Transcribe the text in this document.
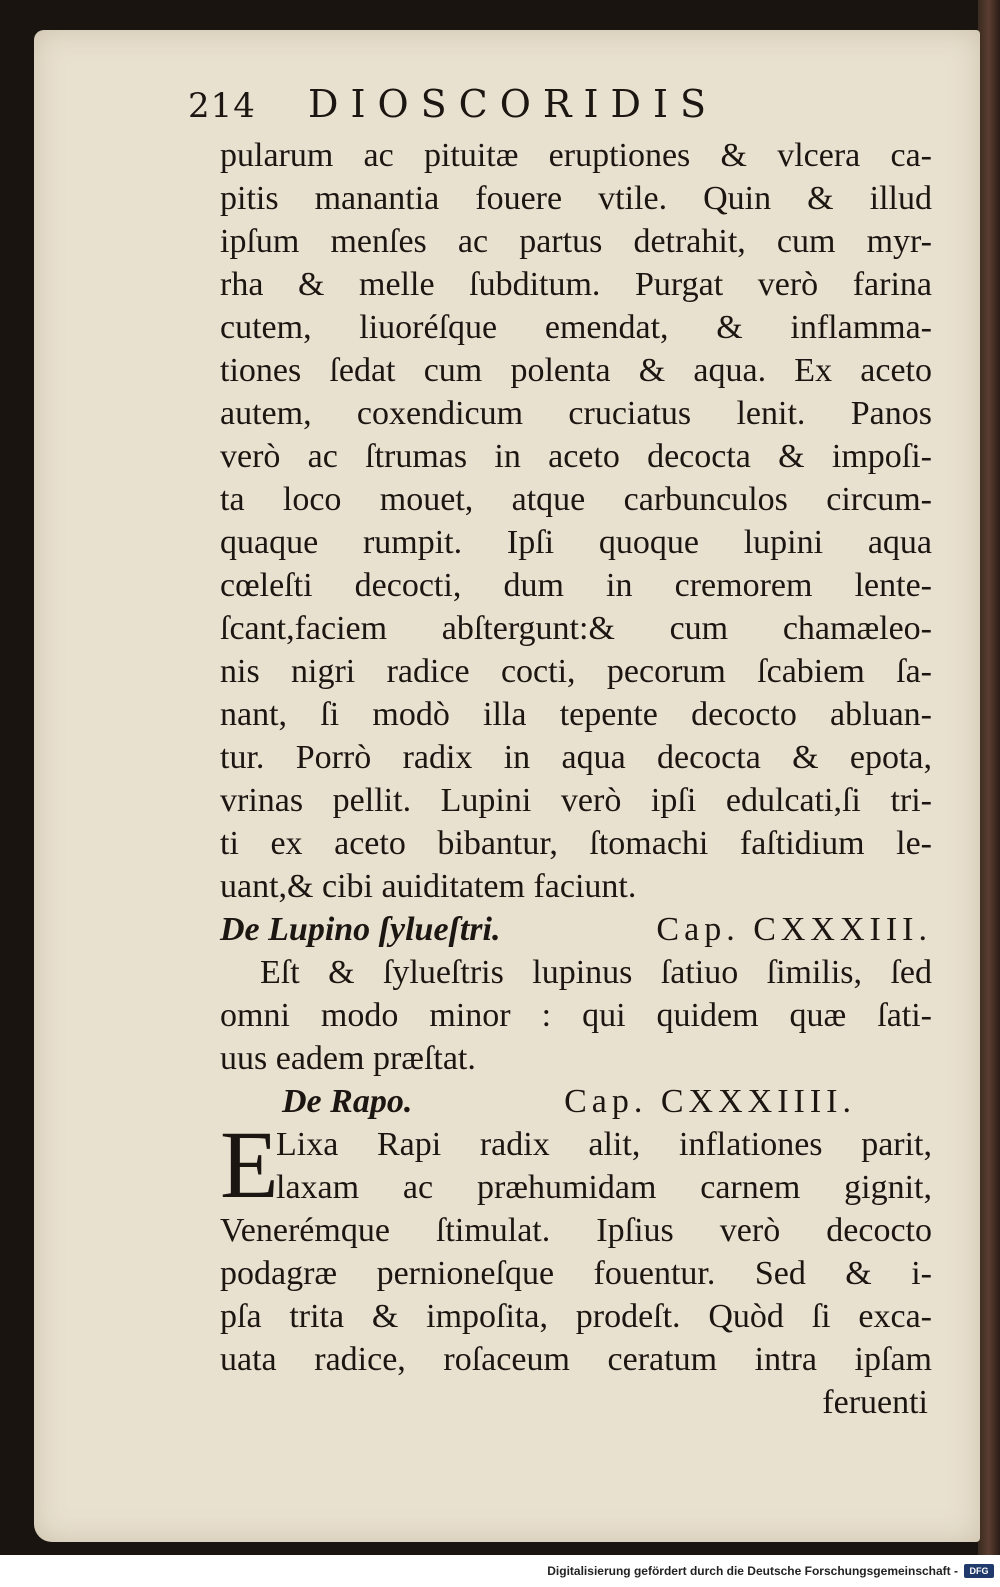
214	DIOSCORIDIS
pularum ac pituitæ eruptiones & vlcera ca-
pitis manantia fouere vtile. Quin & illud
ipſum menſes ac partus detrahit, cum myr-
rha & melle ſubditum. Purgat verò farina
cutem, liuoréſque emendat, & inflamma-
tiones ſedat cum polenta & aqua. Ex aceto
autem, coxendicum cruciatus lenit. Panos
verò ac ſtrumas in aceto decocta & impoſi-
ta loco mouet, atque carbunculos circum-
quaque rumpit. Ipſi quoque lupini aqua
cœleſti decocti, dum in cremorem lente-
ſcant,faciem abſtergunt:& cum chamæleo-
nis nigri radice cocti, pecorum ſcabiem ſa-
nant, ſi modò illa tepente decocto abluan-
tur. Porrò radix in aqua decocta & epota,
vrinas pellit. Lupini verò ipſi edulcati,ſi tri-
ti ex aceto bibantur, ſtomachi faſtidium le-
uant,& cibi auiditatem faciunt.
De Lupino ſylueſtri.	Cap. CXXXIII.
Eſt & ſylueſtris lupinus ſatiuo ſimilis, ſed
omni modo minor : qui quidem quæ ſati-
uus eadem præſtat.
De Rapo.	Cap. CXXXIIII.
E
Lixa Rapi radix alit, inflationes parit,
laxam ac præhumidam carnem gignit,
Venerémque ſtimulat. Ipſius verò decocto
podagræ pernioneſque fouentur. Sed & i-
pſa trita & impoſita, prodeſt. Quòd ſi exca-
uata radice, roſaceum ceratum intra ipſam
feruenti
Digitalisierung gefördert durch die Deutsche Forschungsgemeinschaft -	DFG
